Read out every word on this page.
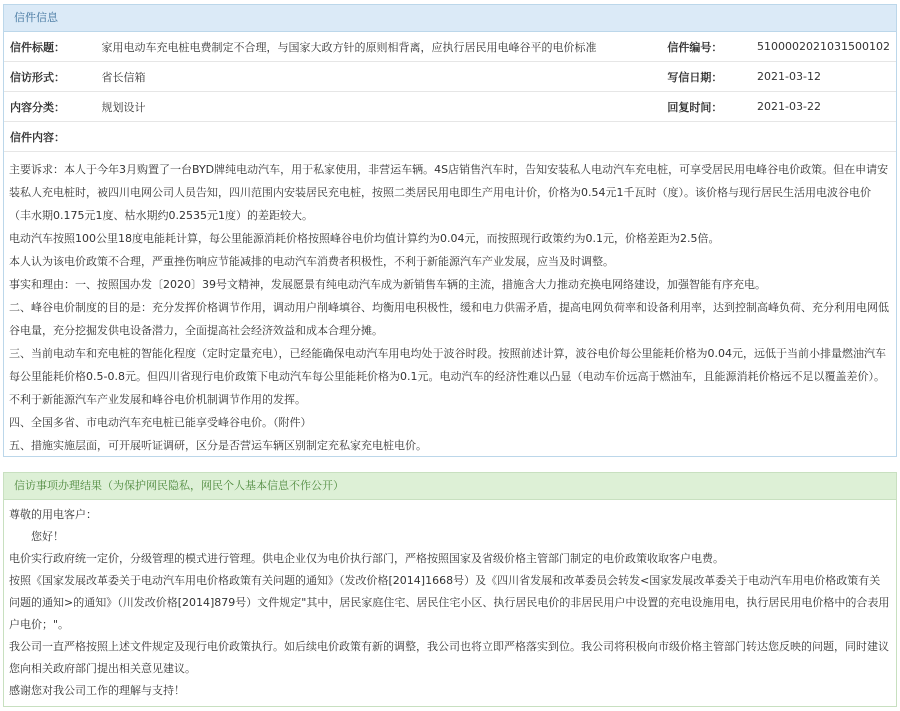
信件信息
信件标题：	家用电动车充电桩电费制定不合理，与国家大政方针的原则相背离，应执行居民用电峰谷平的电价标准	信件编号：	5100002021031500102
信访形式：	省长信箱	写信日期：	2021-03-12
内容分类：	规划设计	回复时间：	2021-03-22
信件内容：			

主要诉求：本人于今年3月购置了一台BYD牌纯电动汽车，用于私家使用，非营运车辆。4S店销售汽车时，告知安装私人电动汽车充电桩，可享受居民用电峰谷电价政策。但在申请安装私人充电桩时，被四川电网公司人员告知，四川范围内安装居民充电桩，按照二类居民用电即生产用电计价，价格为0.54元1千瓦时（度）。该价格与现行居民生活用电波谷电价（丰水期0.175元1度、枯水期约0.2535元1度）的差距较大。

电动汽车按照100公里18度电能耗计算，每公里能源消耗价格按照峰谷电价均值计算约为0.04元，而按照现行政策约为0.1元，价格差距为2.5倍。

本人认为该电价政策不合理，严重挫伤响应节能减排的电动汽车消费者积极性，不利于新能源汽车产业发展，应当及时调整。

事实和理由：一、按照国办发〔2020〕39号文精神，发展愿景有纯电动汽车成为新销售车辆的主流，措施含大力推动充换电网络建设，加强智能有序充电。

二、峰谷电价制度的目的是：充分发挥价格调节作用，调动用户削峰填谷、均衡用电积极性，缓和电力供需矛盾，提高电网负荷率和设备利用率，达到控制高峰负荷、充分利用电网低谷电量，充分挖掘发供电设备潜力，全面提高社会经济效益和成本合理分摊。

三、当前电动车和充电桩的智能化程度（定时定量充电），已经能确保电动汽车用电均处于波谷时段。按照前述计算，波谷电价每公里能耗价格为0.04元，远低于当前小排量燃油汽车每公里能耗价格0.5-0.8元。但四川省现行电价政策下电动汽车每公里能耗价格为0.1元。电动汽车的经济性难以凸显（电动车价远高于燃油车，且能源消耗价格远不足以覆盖差价）。不利于新能源汽车产业发展和峰谷电价机制调节作用的发挥。

四、全国多省、市电动汽车充电桩已能享受峰谷电价。（附件）

五、措施实施层面，可开展听证调研，区分是否营运车辆区别制定充私家充电桩电价。

信访事项办理结果（为保护网民隐私，网民个人基本信息不作公开）

尊敬的用电客户：

您好！

电价实行政府统一定价，分级管理的模式进行管理。供电企业仅为电价执行部门，严格按照国家及省级价格主管部门制定的电价政策收取客户电费。

按照《国家发展改革委关于电动汽车用电价格政策有关问题的通知》（发改价格[2014]1668号）及《四川省发展和改革委员会转发<国家发展改革委关于电动汽车用电价格政策有关问题的通知>的通知》（川发改价格[2014]879号）文件规定"其中，居民家庭住宅、居民住宅小区、执行居民电价的非居民用户中设置的充电设施用电，执行居民用电价格中的合表用户电价；"。

我公司一直严格按照上述文件规定及现行电价政策执行。如后续电价政策有新的调整，我公司也将立即严格落实到位。我公司将积极向市级价格主管部门转达您反映的问题，同时建议您向相关政府部门提出相关意见建议。

感谢您对我公司工作的理解与支持！
